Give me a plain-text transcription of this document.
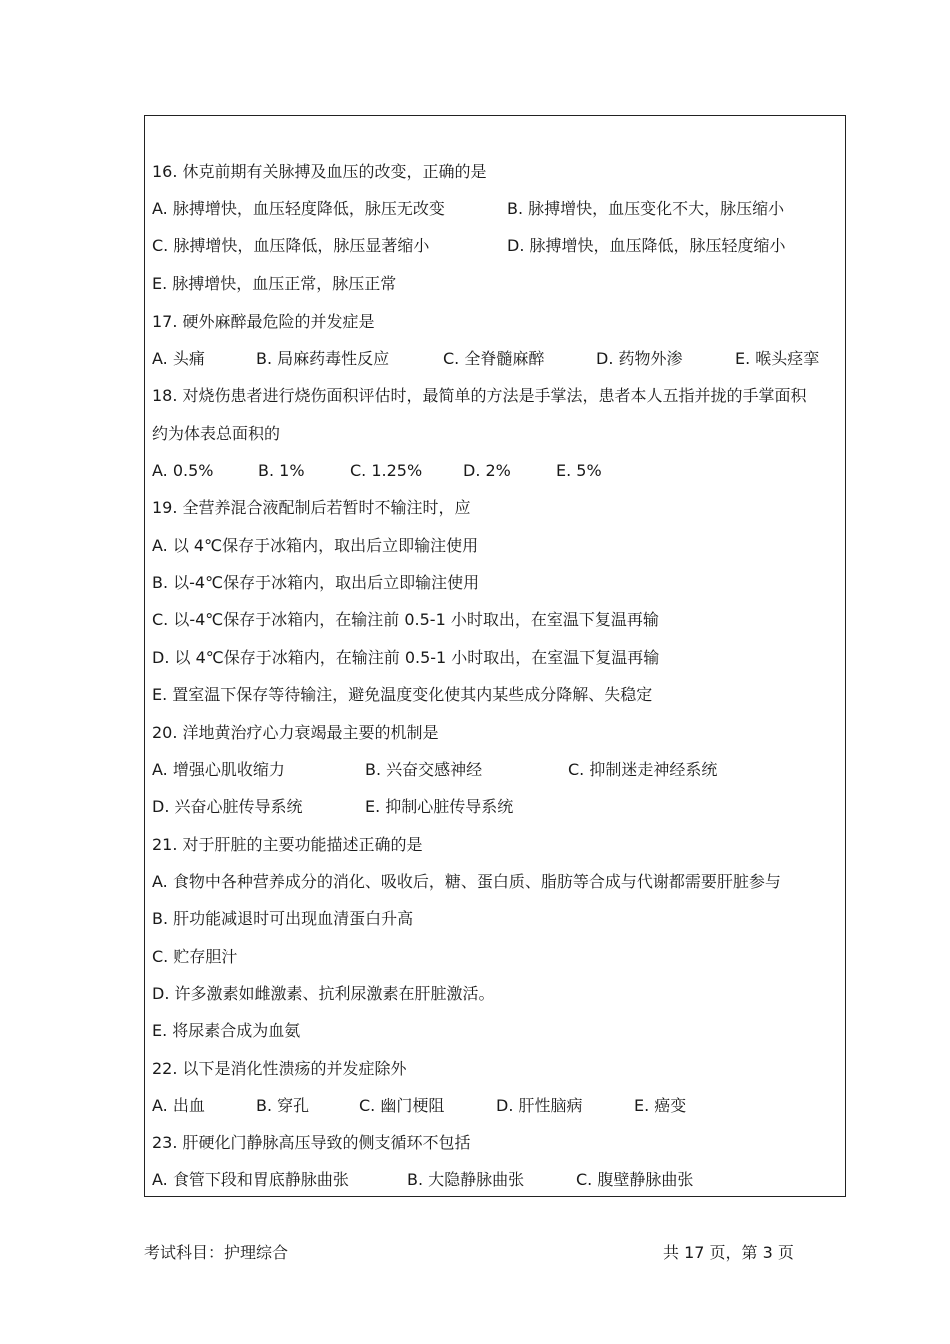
16. 休克前期有关脉搏及血压的改变，正确的是
A. 脉搏增快，血压轻度降低，脉压无改变	B. 脉搏增快，血压变化不大，脉压缩小
C. 脉搏增快，血压降低，脉压显著缩小	D. 脉搏增快，血压降低，脉压轻度缩小
E. 脉搏增快，血压正常，脉压正常
17. 硬外麻醉最危险的并发症是
A. 头痛	B. 局麻药毒性反应	C. 全脊髓麻醉	D. 药物外渗	E. 喉头痉挛
18. 对烧伤患者进行烧伤面积评估时，最简单的方法是手掌法，患者本人五指并拢的手掌面积
约为体表总面积的
A. 0.5%	B. 1%	C. 1.25%	D. 2%	E. 5%
19. 全营养混合液配制后若暂时不输注时，应
A. 以 4℃保存于冰箱内，取出后立即输注使用
B. 以-4℃保存于冰箱内，取出后立即输注使用
C. 以-4℃保存于冰箱内，在输注前 0.5-1 小时取出，在室温下复温再输
D. 以 4℃保存于冰箱内，在输注前 0.5-1 小时取出，在室温下复温再输
E. 置室温下保存等待输注，避免温度变化使其内某些成分降解、失稳定
20. 洋地黄治疗心力衰竭最主要的机制是
A. 增强心肌收缩力	B. 兴奋交感神经	C. 抑制迷走神经系统
D. 兴奋心脏传导系统	E. 抑制心脏传导系统
21. 对于肝脏的主要功能描述正确的是
A. 食物中各种营养成分的消化、吸收后，糖、蛋白质、脂肪等合成与代谢都需要肝脏参与
B. 肝功能减退时可出现血清蛋白升高
C. 贮存胆汁
D. 许多激素如雌激素、抗利尿激素在肝脏激活。
E. 将尿素合成为血氨
22. 以下是消化性溃疡的并发症除外
A. 出血	B. 穿孔	C. 幽门梗阻	D. 肝性脑病	E. 癌变
23. 肝硬化门静脉高压导致的侧支循环不包括
A. 食管下段和胃底静脉曲张	B. 大隐静脉曲张	C. 腹壁静脉曲张
考试科目：护理综合	共 17 页，第 3 页
